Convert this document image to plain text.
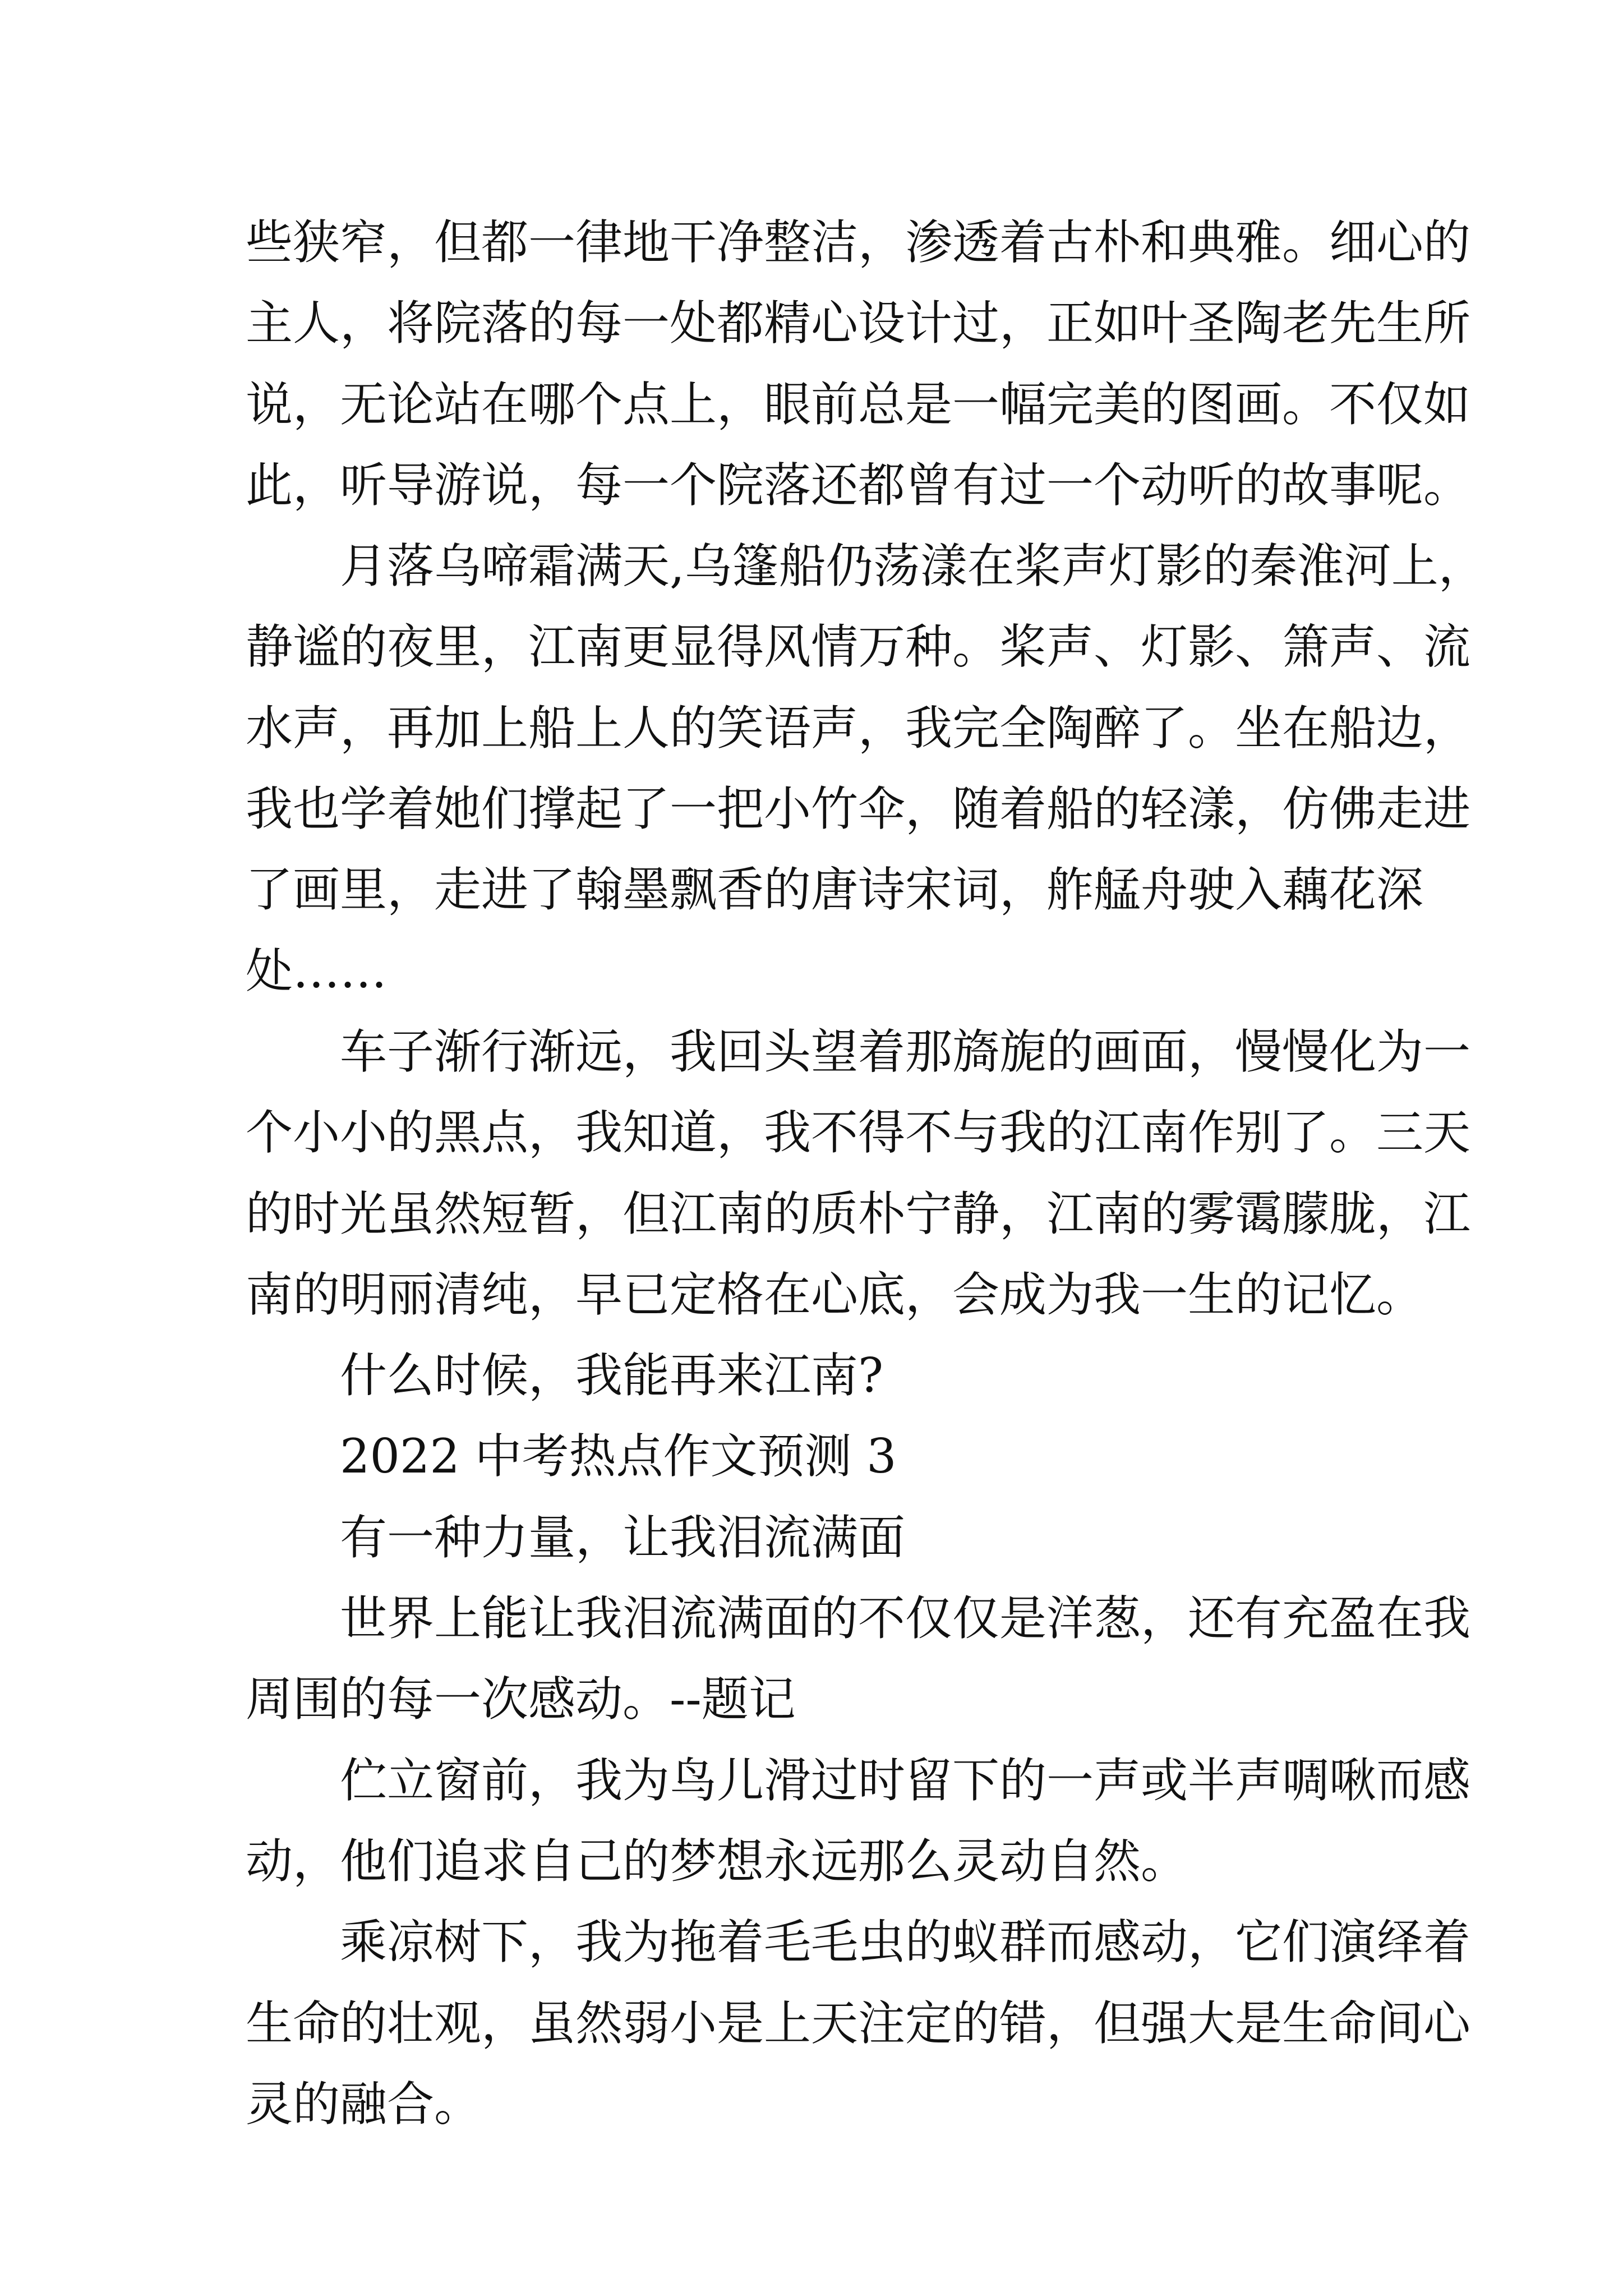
些狭窄，但都一律地干净整洁，渗透着古朴和典雅。细心的
主人，将院落的每一处都精心设计过，正如叶圣陶老先生所
说，无论站在哪个点上，眼前总是一幅完美的图画。不仅如
此，听导游说，每一个院落还都曾有过一个动听的故事呢。
月落乌啼霜满天,乌篷船仍荡漾在桨声灯影的秦淮河上，
静谧的夜里，江南更显得风情万种。桨声、灯影、箫声、流
水声，再加上船上人的笑语声，我完全陶醉了。坐在船边，
我也学着她们撑起了一把小竹伞，随着船的轻漾，仿佛走进
了画里，走进了翰墨飘香的唐诗宋词，舴艋舟驶入藕花深
处……
车子渐行渐远，我回头望着那旖旎的画面，慢慢化为一
个小小的黑点，我知道，我不得不与我的江南作别了。三天
的时光虽然短暂，但江南的质朴宁静，江南的雾霭朦胧，江
南的明丽清纯，早已定格在心底，会成为我一生的记忆。
什么时候，我能再来江南?
2022 中考热点作文预测 3
有一种力量，让我泪流满面
世界上能让我泪流满面的不仅仅是洋葱，还有充盈在我
周围的每一次感动。--题记
伫立窗前，我为鸟儿滑过时留下的一声或半声啁啾而感
动，他们追求自己的梦想永远那么灵动自然。
乘凉树下，我为拖着毛毛虫的蚁群而感动，它们演绎着
生命的壮观，虽然弱小是上天注定的错，但强大是生命间心
灵的融合。
